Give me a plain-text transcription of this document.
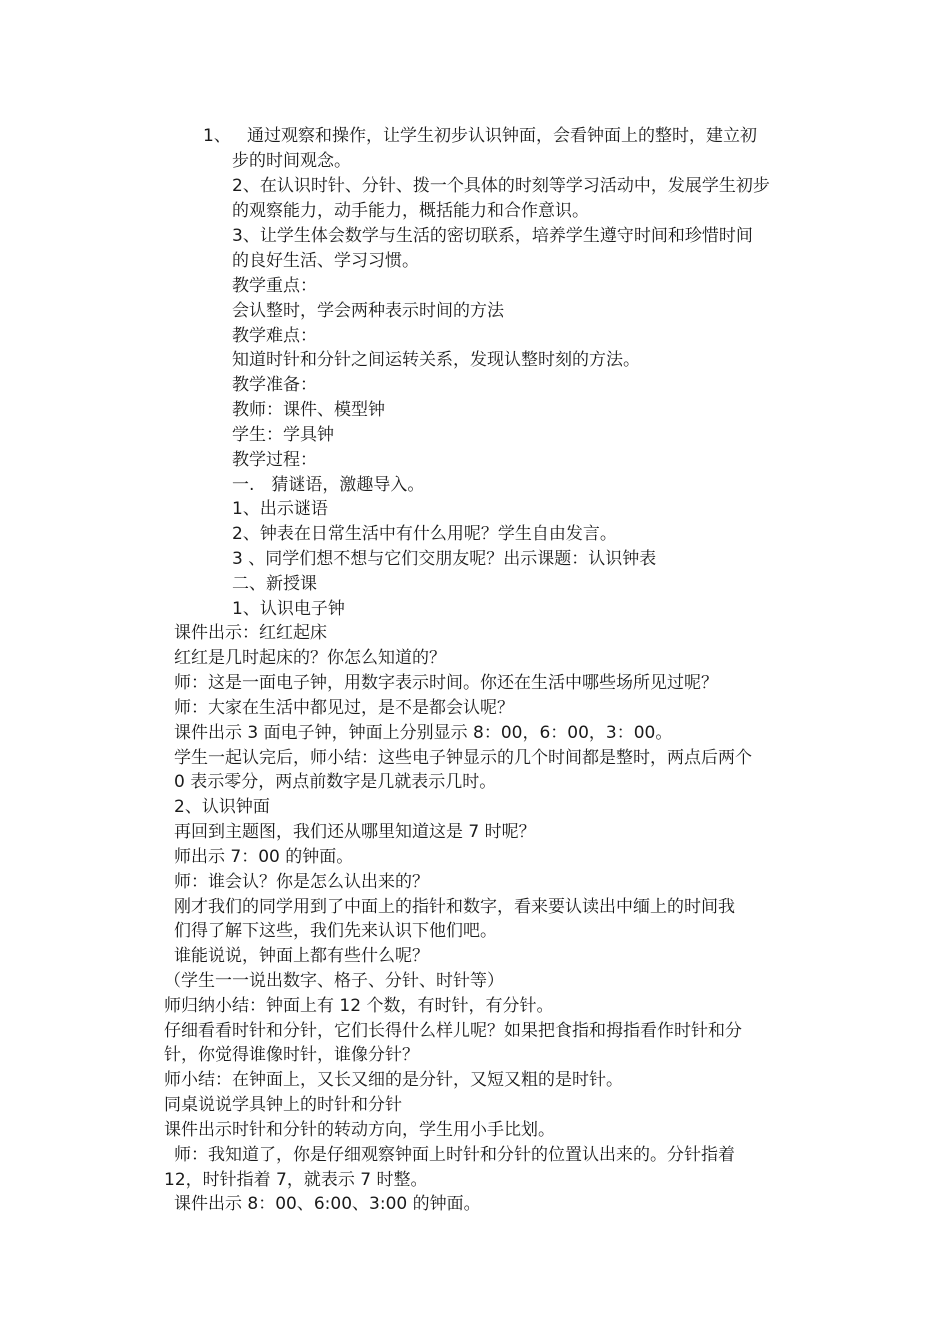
1、 通过观察和操作，让学生初步认识钟面，会看钟面上的整时，建立初
步的时间观念。
2、在认识时针、分针、拨一个具体的时刻等学习活动中，发展学生初步
的观察能力，动手能力，概括能力和合作意识。
3、让学生体会数学与生活的密切联系，培养学生遵守时间和珍惜时间
的良好生活、学习习惯。
教学重点：
会认整时，学会两种表示时间的方法
教学难点：
知道时针和分针之间运转关系，发现认整时刻的方法。
教学准备：
教师：课件、模型钟
学生：学具钟
教学过程：
一.　猜谜语，激趣导入。
1、出示谜语
2、钟表在日常生活中有什么用呢？学生自由发言。
3 、同学们想不想与它们交朋友呢？出示课题：认识钟表
二、新授课
1、认识电子钟
课件出示：红红起床
红红是几时起床的？你怎么知道的？
师：这是一面电子钟，用数字表示时间。你还在生活中哪些场所见过呢？
师：大家在生活中都见过，是不是都会认呢？
课件出示 3 面电子钟，钟面上分别显示 8：00，6：00，3：00。
学生一起认完后，师小结：这些电子钟显示的几个时间都是整时，两点后两个
0 表示零分，两点前数字是几就表示几时。
2、认识钟面
再回到主题图，我们还从哪里知道这是 7 时呢？
师出示 7：00 的钟面。
师：谁会认？你是怎么认出来的？
刚才我们的同学用到了中面上的指针和数字，看来要认读出中缅上的时间我
们得了解下这些，我们先来认识下他们吧。
谁能说说，钟面上都有些什么呢？
（学生一一说出数字、格子、分针、时针等）
师归纳小结：钟面上有 12 个数，有时针，有分针。
仔细看看时针和分针，它们长得什么样儿呢？如果把食指和拇指看作时针和分
针，你觉得谁像时针，谁像分针？
师小结：在钟面上，又长又细的是分针，又短又粗的是时针。
同桌说说学具钟上的时针和分针
课件出示时针和分针的转动方向，学生用小手比划。
师：我知道了，你是仔细观察钟面上时针和分针的位置认出来的。分针指着
12，时针指着 7，就表示 7 时整。
课件出示 8：00、6:00、3:00 的钟面。
